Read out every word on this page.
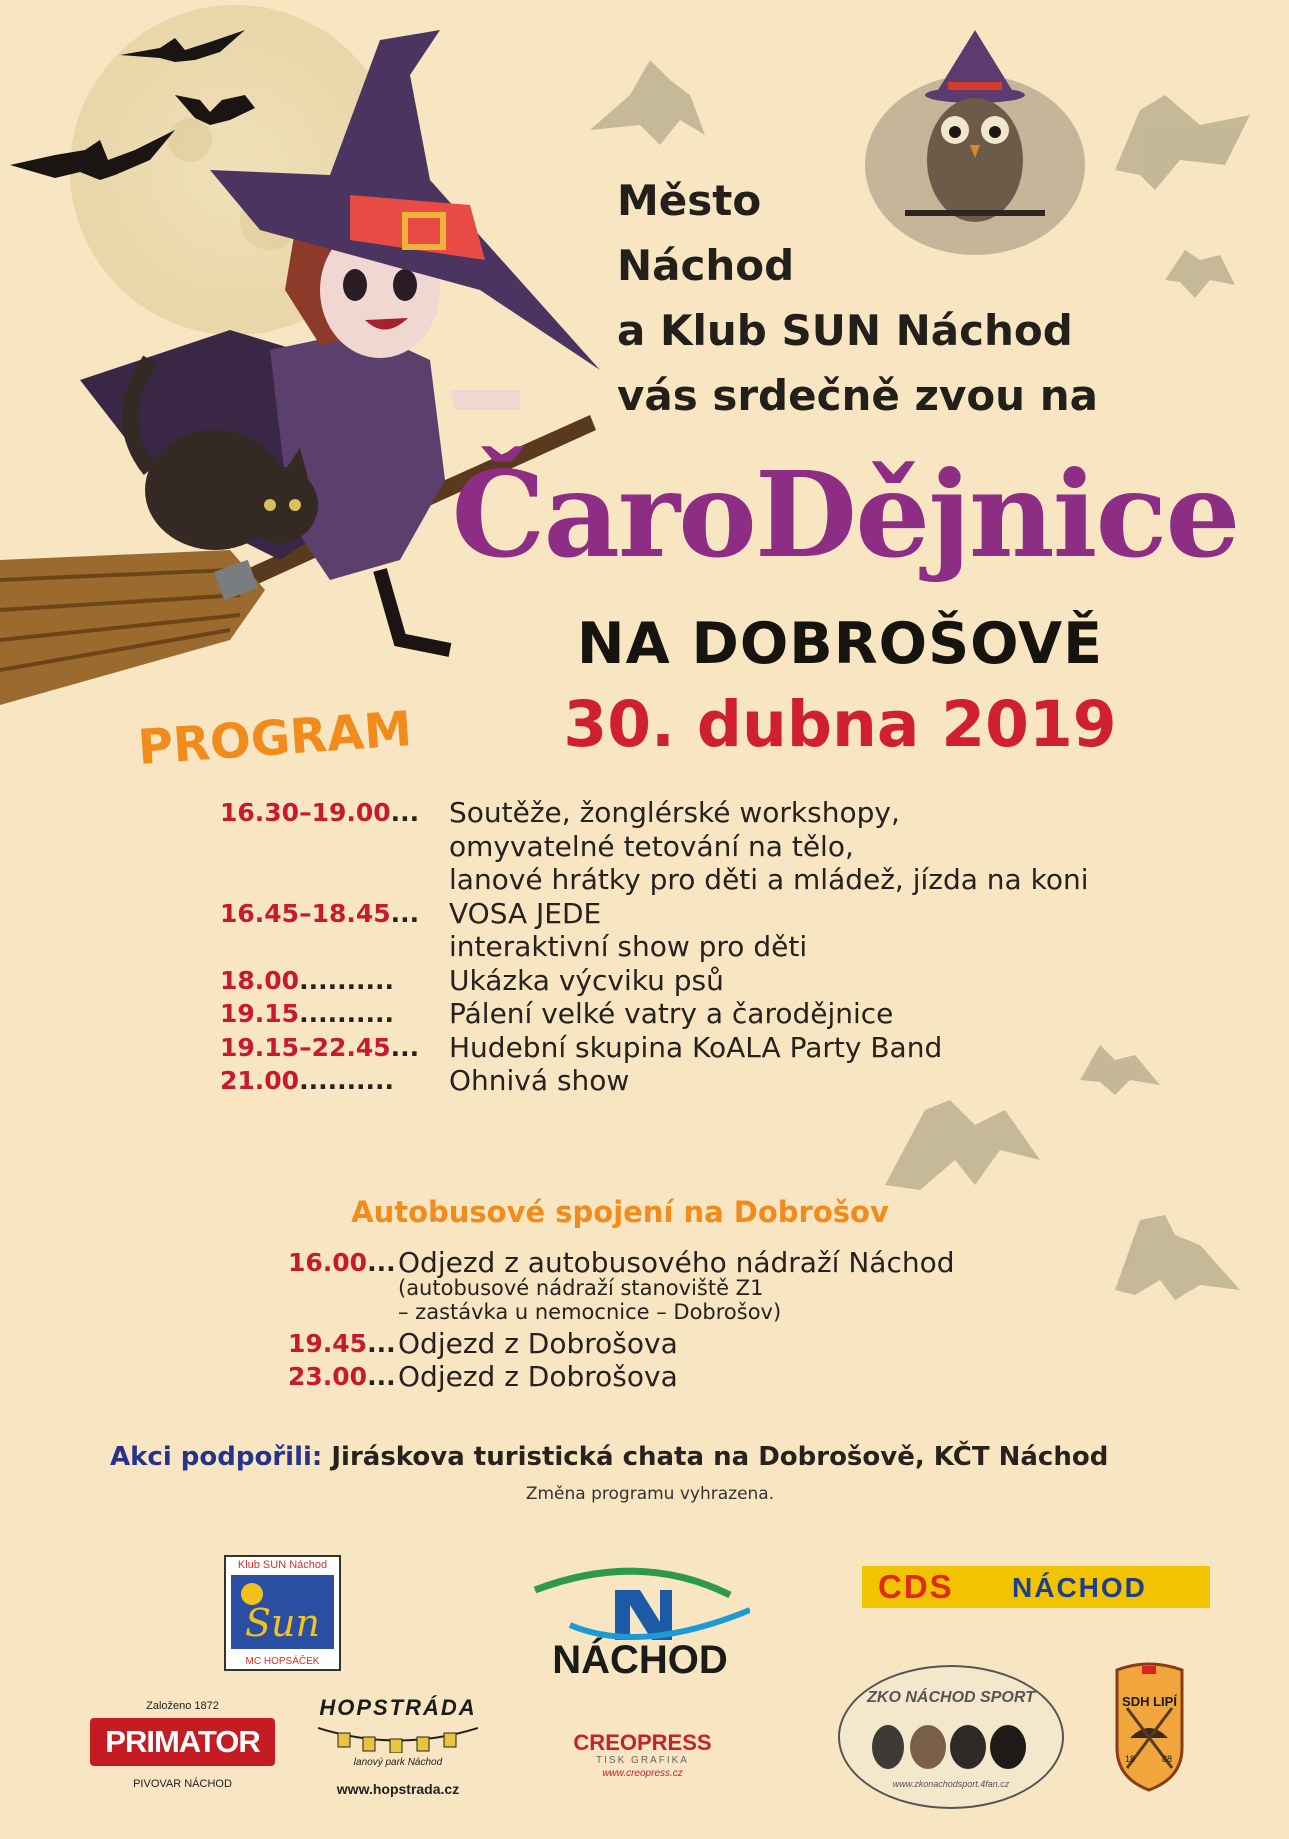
Město
Náchod
a Klub SUN Náchod
vás srdečně zvou na
ČaroDějnice
NA DOBROŠOVĚ
30. dubna 2019
PROGRAM
16.30–19.00...	Soutěže, žonglérské workshopy,
omyvatelné tetování na tělo,
lanové hrátky pro děti a mládež, jízda na koni
16.45–18.45...	VOSA JEDE
interaktivní show pro děti
18.00..........	Ukázka výcviku psů
19.15..........	Pálení velké vatry a čarodějnice
19.15–22.45...	Hudební skupina KoALA Party Band
21.00..........	Ohnivá show
Autobusové spojení na Dobrošov
16.00... Odjezd z autobusového nádraží Náchod
(autobusové nádraží stanoviště Z1
– zastávka u nemocnice – Dobrošov)
19.45... Odjezd z Dobrošova
23.00... Odjezd z Dobrošova
Akci podpořili: Jiráskova turistická chata na Dobrošově, KČT Náchod
Změna programu vyhrazena.
Klub SUN Náchod
Sun
MC HOPSÁČEK	NÁCHOD
CDS NÁCHOD
Založeno 1872
PRIMATOR
PIVOVAR NÁCHOD
HOPSTRÁDA
lanový park Náchod
www.hopstrada.cz
CREOPRESS
TISK GRAFIKA
www.creopress.cz
ZKO NÁCHOD SPORT
www.zkonachodsport.4fan.cz
SDH LIPÍ
18	88
